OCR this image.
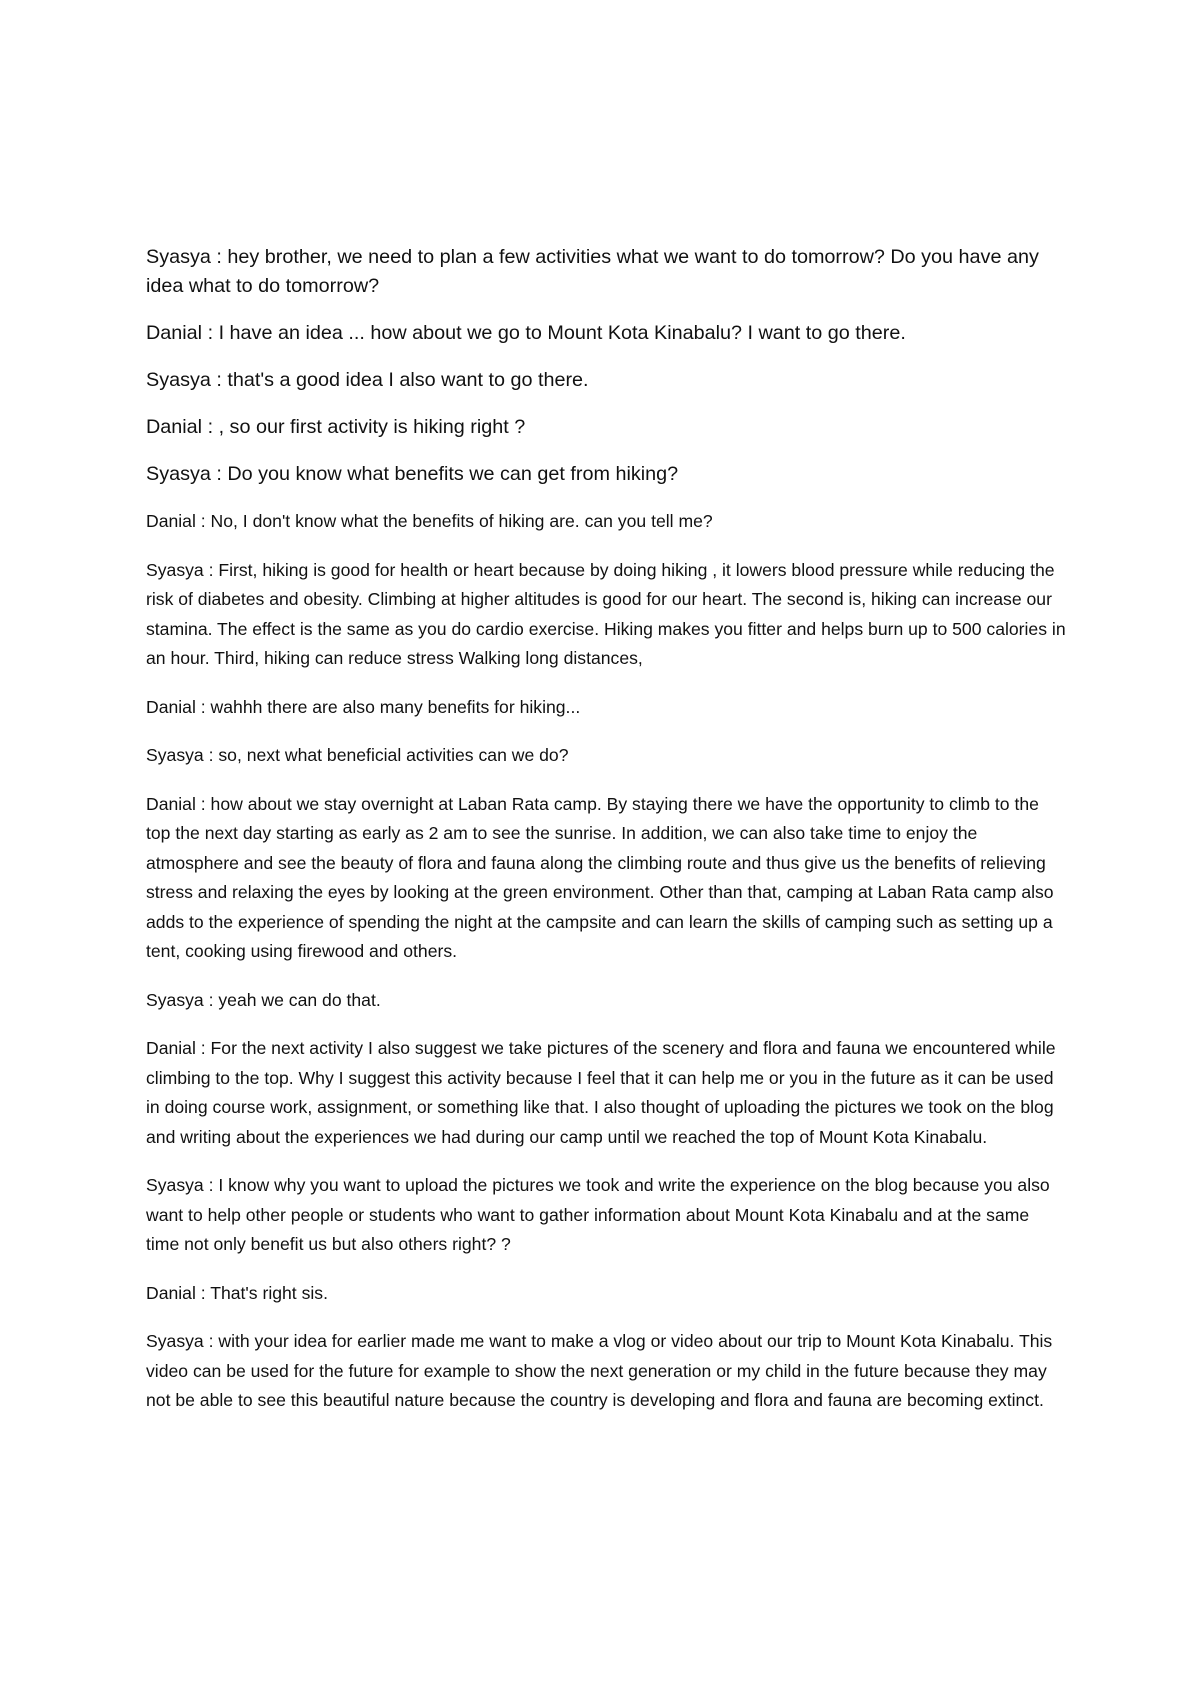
Syasya : hey brother, we need to plan a few activities what we want to do tomorrow? Do you have any idea what to do tomorrow?

Danial : I have an idea ... how about we go to Mount Kota Kinabalu? I want to go there.

Syasya : that's a good idea I also want to go there.

Danial : , so our first activity is hiking right ?

Syasya : Do you know what benefits we can get from hiking?

Danial : No, I don't know what the benefits of hiking are. can you tell me?

Syasya : First, hiking is good for health or heart because by doing hiking , it lowers blood pressure while reducing the risk of diabetes and obesity. Climbing at higher altitudes is good for our heart. The second is, hiking can increase our stamina. The effect is the same as you do cardio exercise. Hiking makes you fitter and helps burn up to 500 calories in an hour. Third, hiking can reduce stress Walking long distances,

Danial : wahhh there are also many benefits for hiking...

Syasya : so, next what beneficial activities can we do?

Danial : how about we stay overnight at Laban Rata camp. By staying there we have the opportunity to climb to the top the next day starting as early as 2 am to see the sunrise. In addition, we can also take time to enjoy the atmosphere and see the beauty of flora and fauna along the climbing route and thus give us the benefits of relieving stress and relaxing the eyes by looking at the green environment. Other than that, camping at Laban Rata camp also adds to the experience of spending the night at the campsite and can learn the skills of camping such as setting up a tent, cooking using firewood and others.

Syasya : yeah we can do that.

Danial : For the next activity I also suggest we take pictures of the scenery and flora and fauna we encountered while climbing to the top. Why I suggest this activity because I feel that it can help me or you in the future as it can be used in doing course work, assignment, or something like that. I also thought of uploading the pictures we took on the blog and writing about the experiences we had during our camp until we reached the top of Mount Kota Kinabalu.

Syasya : I know why you want to upload the pictures we took and write the experience on the blog because you also want to help other people or students who want to gather information about Mount Kota Kinabalu and at the same time not only benefit us but also others right? ?

Danial : That's right sis.

Syasya : with your idea for earlier made me want to make a vlog or video about our trip to Mount Kota Kinabalu. This video can be used for the future for example to show the next generation or my child in the future because they may not be able to see this beautiful nature because the country is developing and flora and fauna are becoming extinct.
